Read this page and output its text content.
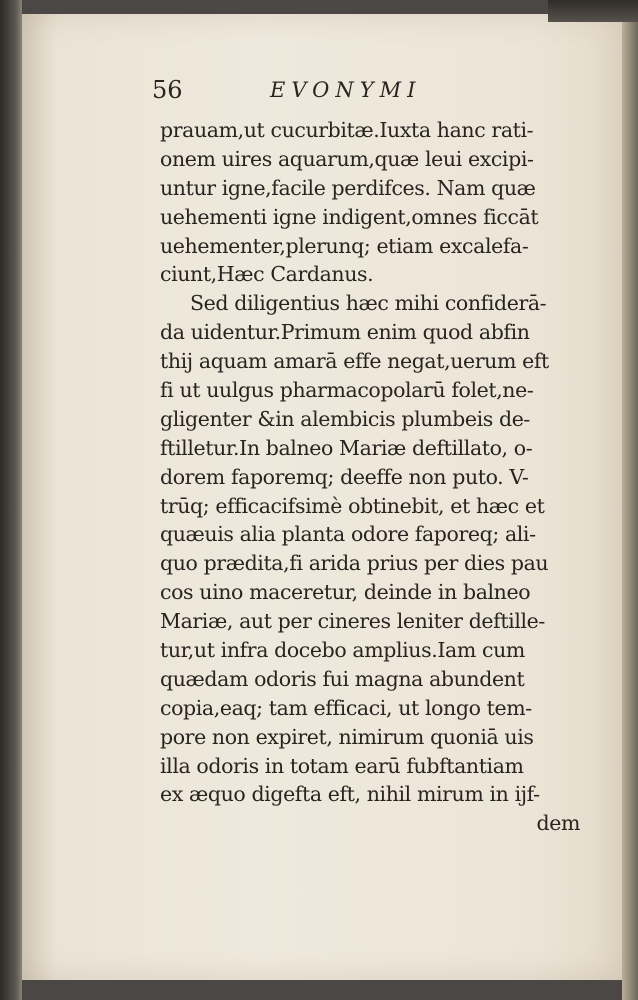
56	EVONYMI
prauam,ut cucurbitæ.Iuxta hanc rati-
onem uires aquarum,quæ leui excipi-
untur igne,facile perdifces. Nam quæ
uehementi igne indigent,omnes ficcāt
uehementer,plerunq; etiam excalefa-
ciunt,Hæc Cardanus.
Sed diligentius hæc mihi confiderā-
da uidentur.Primum enim quod abfin
thij aquam amarā effe negat,uerum eft
fi ut uulgus pharmacopolarū folet,ne-
gligenter &in alembicis plumbeis de-
ftilletur.In balneo Mariæ deftillato, o-
dorem faporemq; deeffe non puto. V-
trūq; efficacifsimè obtinebit, et hæc et
quæuis alia planta odore faporeq; ali-
quo prædita,fi arida prius per dies pau
cos uino maceretur, deinde in balneo
Mariæ, aut per cineres leniter deftille-
tur,ut infra docebo amplius.Iam cum
quædam odoris fui magna abundent
copia,eaq; tam efficaci, ut longo tem-
pore non expiret, nimirum quoniā uis
illa odoris in totam earū fubftantiam
ex æquo digefta eft, nihil mirum in ijf-
dem
